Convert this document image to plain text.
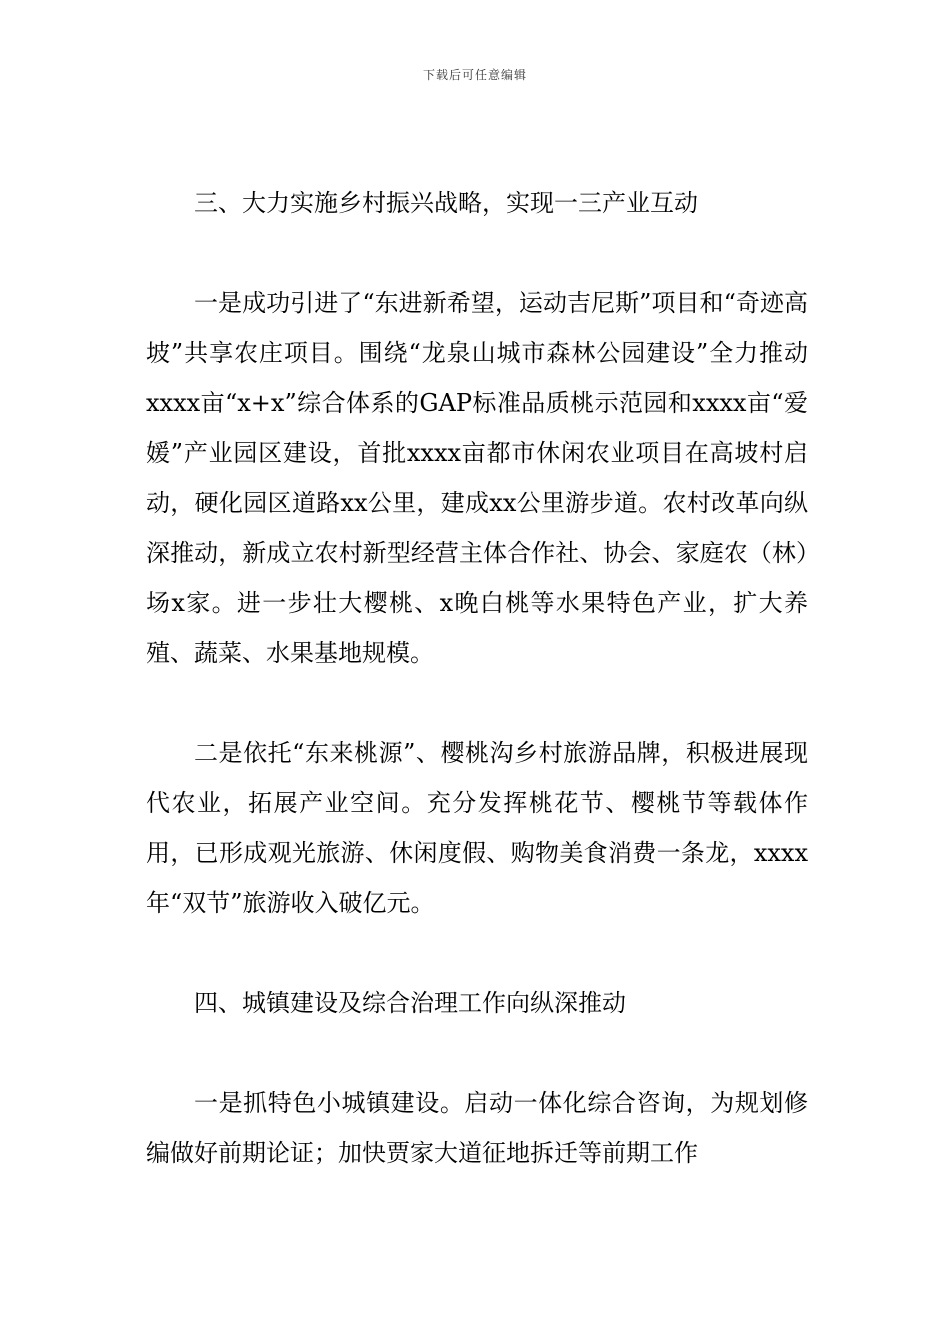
下载后可任意编辑

三、大力实施乡村振兴战略，实现一三产业互动

一是成功引进了“东进新希望，运动吉尼斯”项目和“奇迹高坡”共享农庄项目。围绕“龙泉山城市森林公园建设”全力推动xxxx亩“x+x”综合体系的GAP标准品质桃示范园和xxxx亩“爱媛”产业园区建设，首批xxxx亩都市休闲农业项目在高坡村启动，硬化园区道路xx公里，建成xx公里游步道。农村改革向纵深推动，新成立农村新型经营主体合作社、协会、家庭农（林）场x家。进一步壮大樱桃、x晚白桃等水果特色产业，扩大养殖、蔬菜、水果基地规模。

二是依托“东来桃源”、樱桃沟乡村旅游品牌，积极进展现代农业，拓展产业空间。充分发挥桃花节、樱桃节等载体作用，已形成观光旅游、休闲度假、购物美食消费一条龙，xxxx年“双节”旅游收入破亿元。

四、城镇建设及综合治理工作向纵深推动

一是抓特色小城镇建设。启动一体化综合咨询，为规划修编做好前期论证；加快贾家大道征地拆迁等前期工作
